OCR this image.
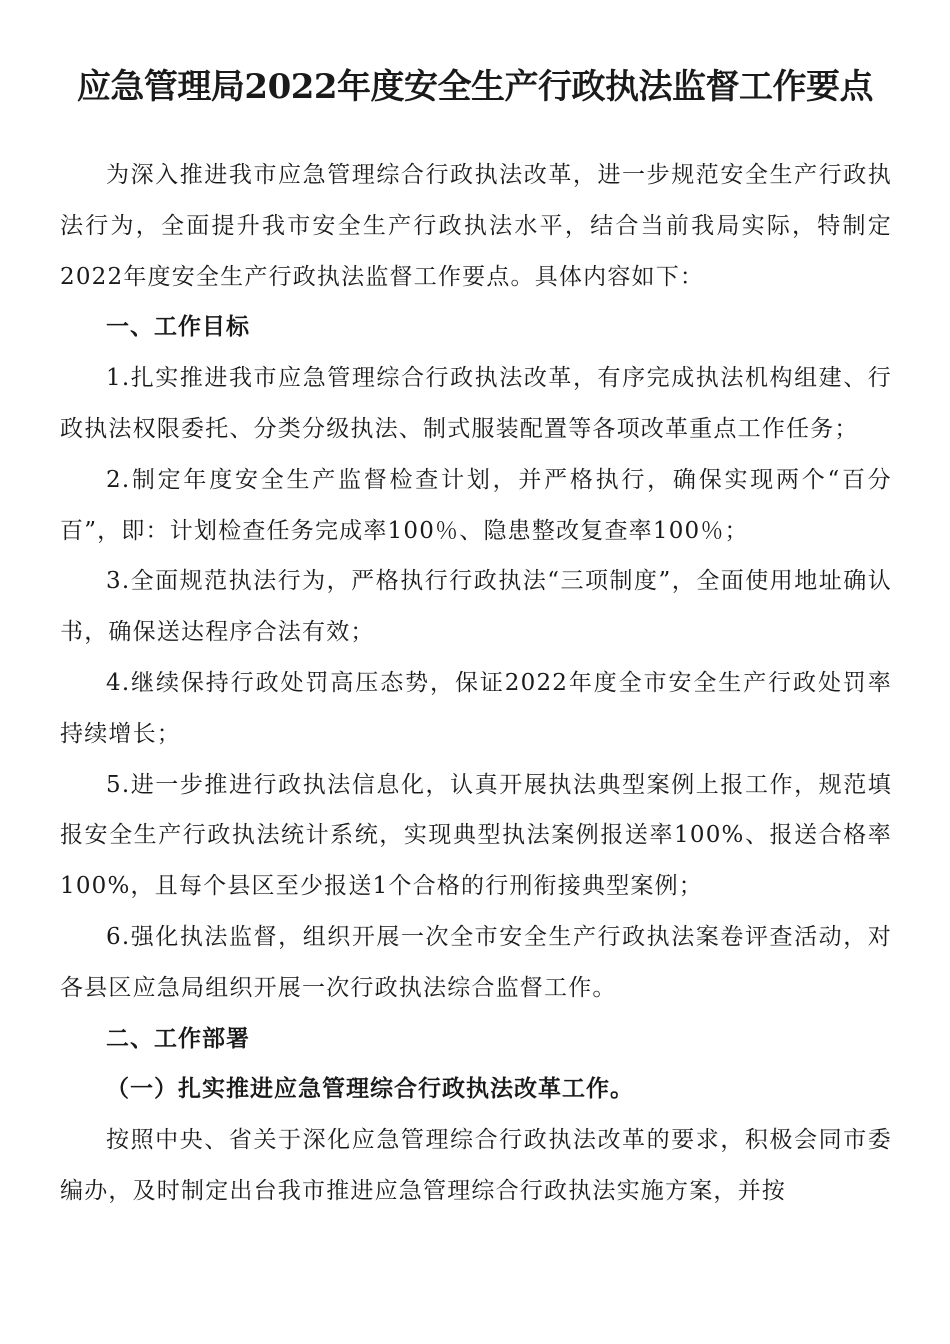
应急管理局2022年度安全生产行政执法监督工作要点

为深入推进我市应急管理综合行政执法改革，进一步规范安全生产行政执法行为，全面提升我市安全生产行政执法水平，结合当前我局实际，特制定2022年度安全生产行政执法监督工作要点。具体内容如下：

一、工作目标

1.扎实推进我市应急管理综合行政执法改革，有序完成执法机构组建、行政执法权限委托、分类分级执法、制式服装配置等各项改革重点工作任务；

2.制定年度安全生产监督检查计划，并严格执行，确保实现两个“百分百”，即：计划检查任务完成率100％、隐患整改复查率100％；

3.全面规范执法行为，严格执行行政执法“三项制度”，全面使用地址确认书，确保送达程序合法有效；

4.继续保持行政处罚高压态势，保证2022年度全市安全生产行政处罚率持续增长；

5.进一步推进行政执法信息化，认真开展执法典型案例上报工作，规范填报安全生产行政执法统计系统，实现典型执法案例报送率100%、报送合格率100%，且每个县区至少报送1个合格的行刑衔接典型案例；

6.强化执法监督，组织开展一次全市安全生产行政执法案卷评查活动，对各县区应急局组织开展一次行政执法综合监督工作。

二、工作部署
（一）扎实推进应急管理综合行政执法改革工作。

按照中央、省关于深化应急管理综合行政执法改革的要求，积极会同市委编办，及时制定出台我市推进应急管理综合行政执法实施方案，并按
